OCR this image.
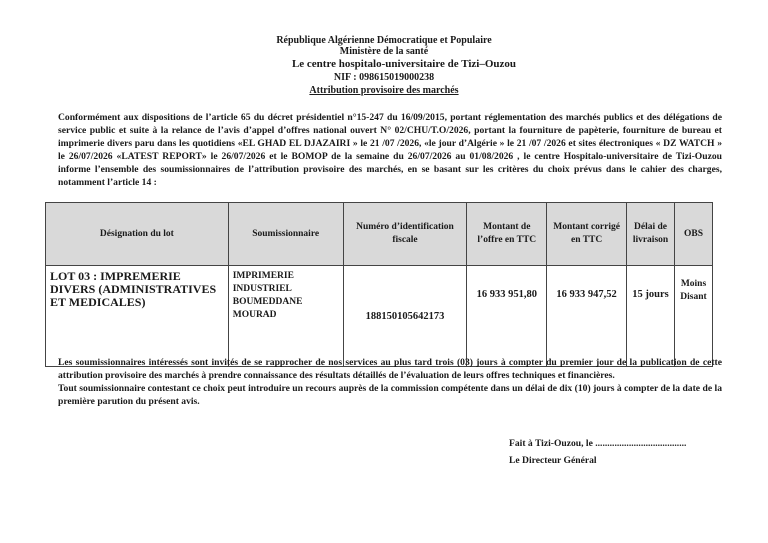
République Algérienne Démocratique et Populaire
Ministère de la santé
Le centre hospitalo-universitaire de Tizi–Ouzou
NIF : 098615019000238
Attribution provisoire des marchés
Conformément aux dispositions de l’article 65 du décret présidentiel n°15-247 du 16/09/2015, portant réglementation des marchés publics et des délégations de service public et suite à la relance de l’avis d’appel d’offres national ouvert N° 02/CHU/T.O/2026, portant la fourniture de papèterie, fourniture de bureau et imprimerie divers paru dans les quotidiens «EL GHAD EL DJAZAIRI » le 21 /07 /2026, «le jour d’Algérie » le 21 /07 /2026 et sites électroniques « DZ WATCH » le 26/07/2026 «LATEST REPORT» le 26/07/2026 et le BOMOP de la semaine du 26/07/2026 au 01/08/2026 , le centre Hospitalo-universitaire de Tizi-Ouzou informe l’ensemble des soumissionnaires de l’attribution provisoire des marchés, en se basant sur les critères du choix prévus dans le cahier des charges, notamment l’article 14 :
Désignation du lot	Soumissionnaire	Numéro d’identification fiscale	Montant de l’offre en TTC	Montant corrigé en TTC	Délai de livraison	OBS
LOT 03 : IMPREMERIE DIVERS (ADMINISTRATIVES ET MEDICALES)	IMPRIMERIE INDUSTRIEL BOUMEDDANE MOURAD	188150105642173	16 933 951,80	16 933 947,52	15 jours	Moins Disant

Les soumissionnaires intéressés sont invités de se rapprocher de nos services au plus tard trois (03) jours à compter du premier jour de la publication de cette attribution provisoire des marchés à prendre connaissance des résultats détaillés de l’évaluation de leurs offres techniques et financières.

Tout soumissionnaire contestant ce choix peut introduire un recours auprès de la commission compétente dans un délai de dix (10) jours à compter de la date de la première parution du présent avis.

Fait à Tizi-Ouzou, le ......................................
Le Directeur Général
